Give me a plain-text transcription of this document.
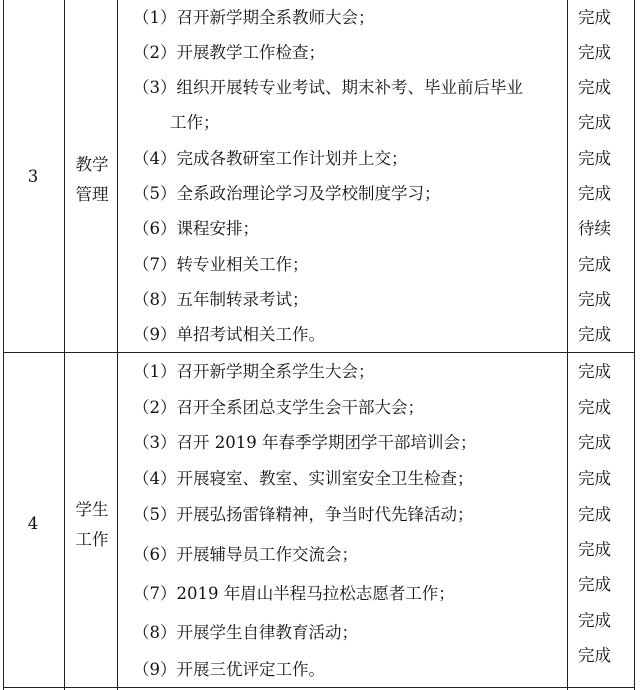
3
教学
管理
（1）召开新学期全系教师大会；
（2）开展教学工作检查；
（3）组织开展转专业考试、期末补考、毕业前后毕业
工作；
（4）完成各教研室工作计划并上交；
（5）全系政治理论学习及学校制度学习；
（6）课程安排；
（7）转专业相关工作；
（8）五年制转录考试；
（9）单招考试相关工作。
完成
完成
完成
完成
完成
完成
待续
完成
完成
完成
4
学生
工作
（1）召开新学期全系学生大会；
（2）召开全系团总支学生会干部大会；
（3）召开 2019 年春季学期团学干部培训会；
（4）开展寝室、教室、实训室安全卫生检查；
（5）开展弘扬雷锋精神，争当时代先锋活动；
（6）开展辅导员工作交流会；
（7）2019 年眉山半程马拉松志愿者工作；
（8）开展学生自律教育活动；
（9）开展三优评定工作。
完成
完成
完成
完成
完成
完成
完成
完成
完成
